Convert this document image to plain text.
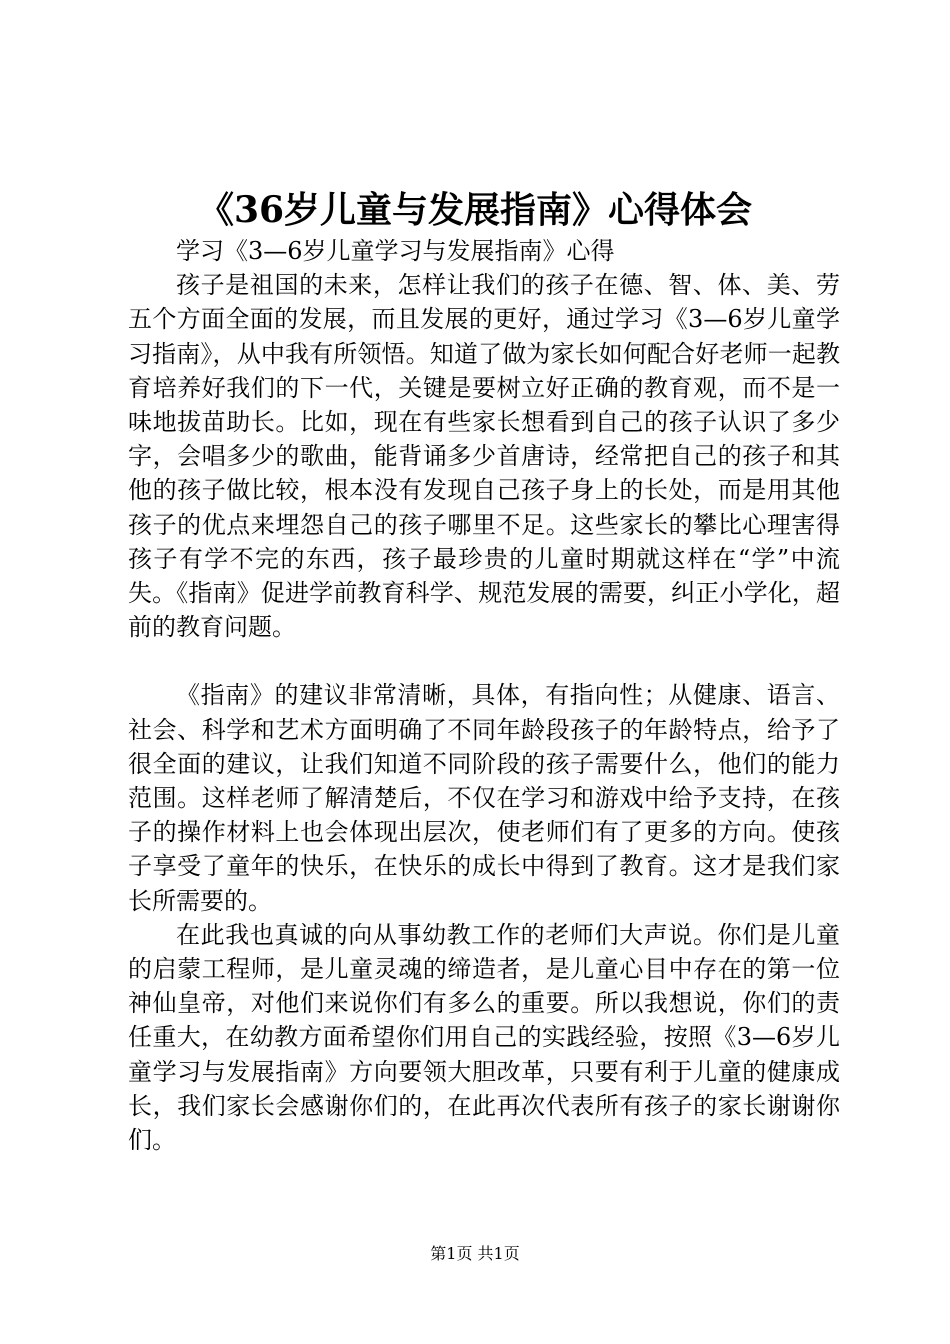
《36岁儿童与发展指南》心得体会

学习《3—6岁儿童学习与发展指南》心得

孩子是祖国的未来，怎样让我们的孩子在德、智、体、美、劳五个方面全面的发展，而且发展的更好，通过学习《3—6岁儿童学习指南》，从中我有所领悟。知道了做为家长如何配合好老师一起教育培养好我们的下一代，关键是要树立好正确的教育观，而不是一味地拔苗助长。比如，现在有些家长想看到自己的孩子认识了多少字，会唱多少的歌曲，能背诵多少首唐诗，经常把自己的孩子和其他的孩子做比较，根本没有发现自己孩子身上的长处，而是用其他孩子的优点来埋怨自己的孩子哪里不足。这些家长的攀比心理害得孩子有学不完的东西，孩子最珍贵的儿童时期就这样在“学”中流失。《指南》促进学前教育科学、规范发展的需要，纠正小学化，超前的教育问题。

《指南》的建议非常清晰，具体，有指向性；从健康、语言、社会、科学和艺术方面明确了不同年龄段孩子的年龄特点，给予了很全面的建议，让我们知道不同阶段的孩子需要什么，他们的能力范围。这样老师了解清楚后，不仅在学习和游戏中给予支持，在孩子的操作材料上也会体现出层次，使老师们有了更多的方向。使孩子享受了童年的快乐，在快乐的成长中得到了教育。这才是我们家长所需要的。

在此我也真诚的向从事幼教工作的老师们大声说。你们是儿童的启蒙工程师，是儿童灵魂的缔造者，是儿童心目中存在的第一位神仙皇帝，对他们来说你们有多么的重要。所以我想说，你们的责任重大，在幼教方面希望你们用自己的实践经验，按照《3—6岁儿童学习与发展指南》方向要领大胆改革，只要有利于儿童的健康成长，我们家长会感谢你们的，在此再次代表所有孩子的家长谢谢你们。

第1页 共1页
